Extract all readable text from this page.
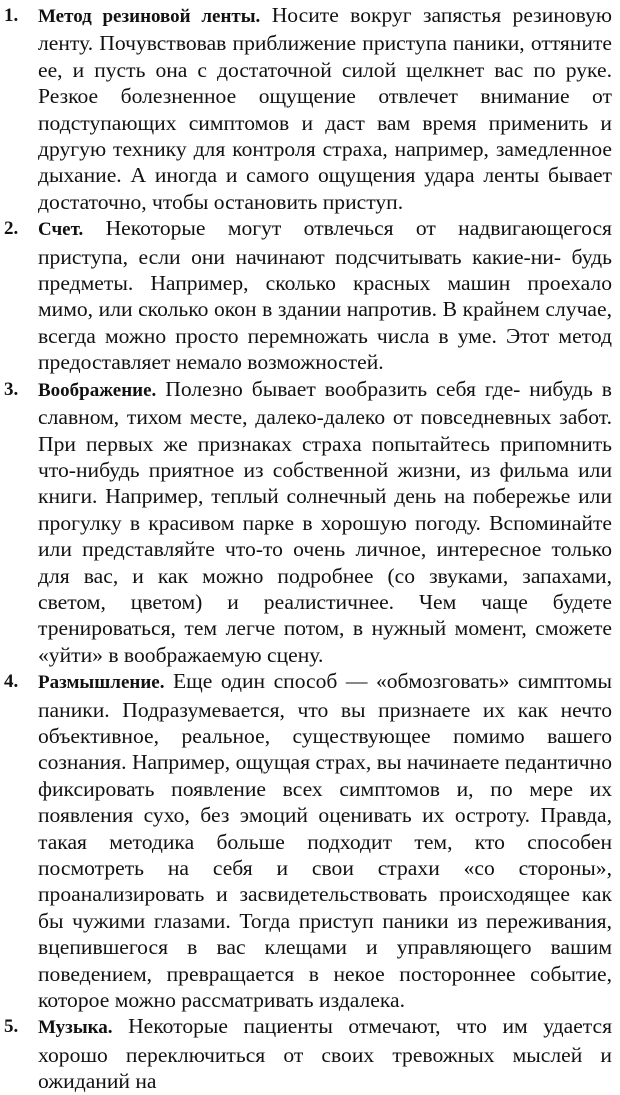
1.	Метод резиновой ленты. Носите вокруг запястья резиновую ленту. Почувствовав приближение приступа паники, оттяните ее, и пусть она с достаточной силой щелкнет вас по руке. Резкое болезненное ощущение отвлечет внимание от подступающих симптомов и даст вам время применить и другую технику для контроля страха, например, замедленное дыхание. А иногда и самого ощущения удара ленты бывает достаточно, чтобы остановить приступ.
2.	Счет. Некоторые могут отвлечься от надвигающегося приступа, если они начинают подсчитывать какие-ни- будь предметы. Например, сколько красных машин проехало мимо, или сколько окон в здании напротив. В крайнем случае, всегда можно просто перемножать числа в уме. Этот метод предоставляет немало возможностей.
3.	Воображение. Полезно бывает вообразить себя где- нибудь в славном, тихом месте, далеко-далеко от повседневных забот. При первых же признаках страха попытайтесь припомнить что-нибудь приятное из собственной жизни, из фильма или книги. Например, теплый солнечный день на побережье или прогулку в красивом парке в хорошую погоду. Вспоминайте или представляйте что-то очень личное, интересное только для вас, и как можно подробнее (со звуками, запахами, светом, цветом) и реалистичнее. Чем чаще будете тренироваться, тем легче потом, в нужный момент, сможете «уйти» в воображаемую сцену.
4.	Размышление. Еще один способ — «обмозговать» симптомы паники. Подразумевается, что вы признаете их как нечто объективное, реальное, существующее помимо вашего сознания. Например, ощущая страх, вы начинаете педантично фиксировать появление всех симптомов и, по мере их появления сухо, без эмоций оценивать их остроту. Правда, такая методика больше подходит тем, кто способен посмотреть на себя и свои страхи «со стороны», проанализировать и засвидетельствовать происходящее как бы чужими глазами. Тогда приступ паники из переживания, вцепившегося в вас клещами и управляющего вашим поведением, превращается в некое постороннее событие, которое можно рассматривать издалека.
5.	Музыка. Некоторые пациенты отмечают, что им удается хорошо переключиться от своих тревожных мыслей и ожиданий на
